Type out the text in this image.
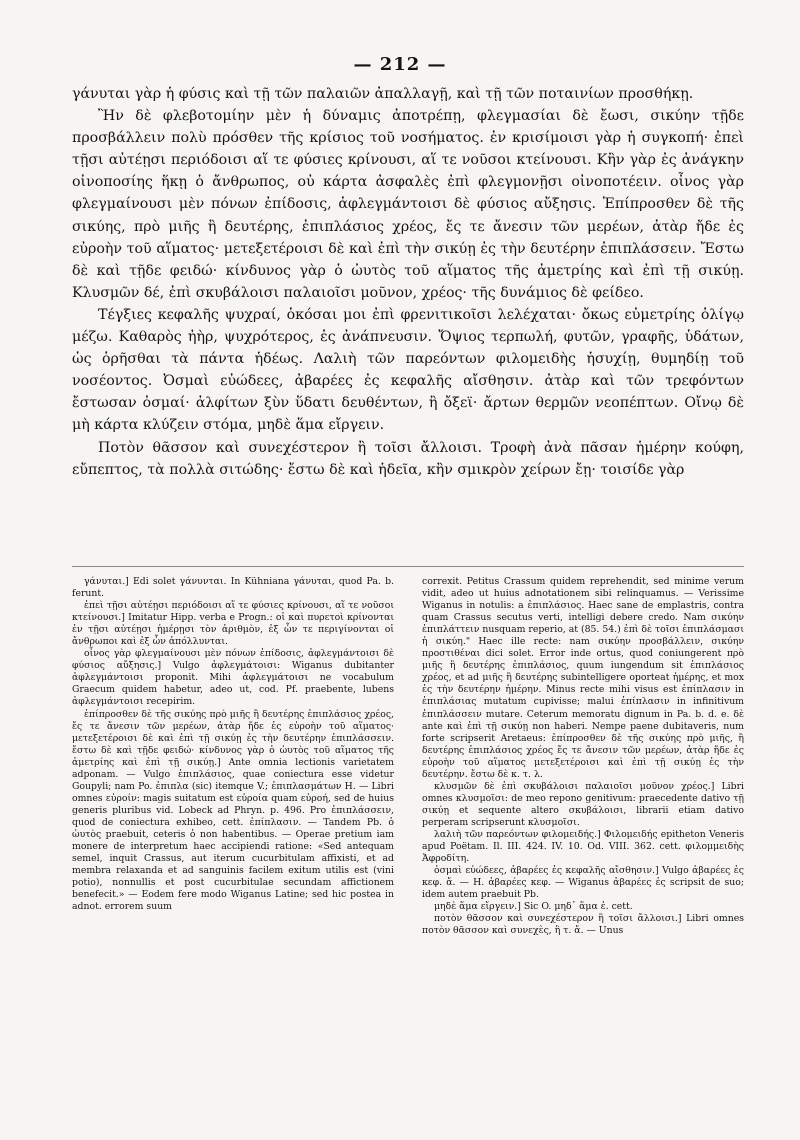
— 212 —

γάνυται γὰρ ἡ φύσις καὶ τῇ τῶν παλαιῶν ἀπαλλαγῇ, καὶ τῇ τῶν ποταινίων προσθήκῃ.

Ἢν δὲ φλεβοτομίην μὲν ἡ δύναμις ἀποτρέπῃ, φλεγμασίαι δὲ ἔωσι, σικύην τῇδε προσβάλλειν πολὺ πρόσθεν τῆς κρίσιος τοῦ νοσήματος. ἐν κρισίμοισι γὰρ ἡ συγκοπή· ἐπεὶ τῇσι αὐτέῃσι περιόδοισι αἵ τε φύσιες κρίνουσι, αἵ τε νοῦσοι κτείνουσι. Κἢν γὰρ ἐς ἀνάγκην οἰνοποσίης ἥκῃ ὁ ἄνθρωπος, οὐ κάρτα ἀσφαλὲς ἐπὶ φλεγμονῇσι οἰνοποτέειν. οἶνος γὰρ φλεγμαίνουσι μὲν πόνων ἐπίδοσις, ἀφλεγμάντοισι δὲ φύσιος αὔξησις. Ἐπίπροσθεν δὲ τῆς σικύης, πρὸ μιῆς ἢ δευτέρης, ἐπιπλάσιος χρέος, ἔς τε ἄνεσιν τῶν μερέων, ἀτὰρ ἤδε ἐς εὐροὴν τοῦ αἵματος· μετεξετέροισι δὲ καὶ ἐπὶ τὴν σικύῃ ἐς τὴν δευτέρην ἐπιπλάσσειν. Ἔστω δὲ καὶ τῇδε φειδώ· κίνδυνος γὰρ ὁ ὠυτὸς τοῦ αἵματος τῆς ἀμετρίης καὶ ἐπὶ τῇ σικύῃ. Κλυσμῶν δέ, ἐπὶ σκυβάλοισι παλαιοῖσι μοῦνον, χρέος· τῆς δυνάμιος δὲ φείδεο.

Τέγξιες κεφαλῆς ψυχραί, ὁκόσαι μοι ἐπὶ φρενιτικοῖσι λελέχαται· ὄκως εὐμετρίης ὀλίγῳ μέζω. Καθαρὸς ἠὴρ, ψυχρότερος, ἐς ἀνάπνευσιν. Ὄψιος τερπωλή, φυτῶν, γραφῆς, ὑδάτων, ὡς ὁρῆσθαι τὰ πάντα ἡδέως. Λαλιὴ τῶν παρεόντων φιλομειδὴς ἡσυχίῃ, θυμηδίῃ τοῦ νοσέοντος. Ὀσμαὶ εὐώδεες, ἀβαρέες ἐς κεφαλῆς αἴσθησιν. ἀτὰρ καὶ τῶν τρεφόντων ἔστωσαν ὀσμαί· ἀλφίτων ξὺν ὕδατι δευθέντων, ἢ ὄξεϊ· ἄρτων θερμῶν νεοπέπτων. Οἴνῳ δὲ μὴ κάρτα κλύζειν στόμα, μηδὲ ἅμα εἴργειν.

Ποτὸν θᾶσσον καὶ συνεχέστερον ἢ τοῖσι ἄλλοισι. Τροφὴ ἀνὰ πᾶσαν ἡμέρην κούφη, εὔπεπτος, τὰ πολλὰ σιτώδης· ἔστω δὲ καὶ ἡδεῖα, κἢν σμικρὸν χείρων ἔῃ· τοισίδε γὰρ

γάνυται.] Edi solet γάνυνται. In Kühniana γάνυται, quod Pa. b. ferunt.

ἐπεὶ τῇσι αὐτέῃσι περιόδοισι αἵ τε φύσιες κρίνουσι, αἵ τε νοῦσοι κτείνουσι.] Imitatur Hipp. verba e Progn.: οἱ καὶ πυρετοὶ κρίνονται ἐν τῇσι αὐτέῃσι ἡμέρῃσι τὸν ἀριθμὸν, ἐξ ὧν τε περιγίνονται οἱ ἄνθρωποι καὶ ἐξ ὧν ἀπόλλυνται.

οἶνος γὰρ φλεγμαίνουσι μὲν πόνων ἐπίδοσις, ἀφλεγμάντοισι δὲ φύσιος αὔξησις.] Vulgo ἀφλεγμάτοισι: Wiganus dubitanter ἀφλεγμάντοισι proponit. Mihi ἀφλεγμάτοισι ne vocabulum Graecum quidem habetur, adeo ut, cod. Pf. praebente, lubens ἀφλεγμάντοισι recepirim.

ἐπίπροσθεν δὲ τῆς σικύης πρὸ μιῆς ἢ δευτέρης ἐπιπλάσιος χρέος, ἔς τε ἄνεσιν τῶν μερέων, ἀτὰρ ἤδε ἐς εὐροὴν τοῦ αἵματος· μετεξετέροισι δὲ καὶ ἐπὶ τῇ σικύῃ ἐς τὴν δευτέρην ἐπιπλάσσειν. ἔστω δὲ καὶ τῇδε φειδώ· κίνδυνος γὰρ ὁ ὠυτὸς τοῦ αἵματος τῆς ἀμετρίης καὶ ἐπὶ τῇ σικύῃ.] Ante omnia lectionis varietatem adponam. — Vulgo ἐπιπλάσιος, quae coniectura esse videtur Goupyli; nam Po. ἐπιπλα (sic) itemque V.; ἐπιπλασμάτων H. — Libri omnes εὐροίν: magis suitatum est εὐροία quam εὐροή, sed de huius generis pluribus vid. Lobeck ad Phryn. p. 496. Pro ἐπιπλάσσειν, quod de coniectura exhibeo, cett. ἐπίπλασιν. — Tandem Pb. ὁ ὠυτὸς praebuit, ceteris ὁ non habentibus. — Operae pretium iam monere de interpretum haec accipiendi ratione: «Sed antequam semel, inquit Crassus, aut iterum cucurbitulam affixisti, et ad membra relaxanda et ad sanguinis facilem exitum utilis est (vini potio), nonnullis et post cucurbitulae secundam affictionem benefecit.» — Eodem fere modo Wiganus Latine; sed hic postea in adnot. errorem suum

correxit. Petitus Crassum quidem reprehendit, sed minime verum vidit, adeo ut huius adnotationem sibi relinquamus. — Verissime Wiganus in notulis: a ἐπιπλάσιος. Haec sane de emplastris, contra quam Crassus secutus verti, intelligi debere credo. Nam σικύην ἐπιπλάττειν nusquam reperio, at (85. 54.) ἐπὶ δὲ τοῖσι ἐπιπλάσμασι ἡ σικύη." Haec ille recte: nam σικύην προσβάλλειν, σικύην προστιθέναι dici solet. Error inde ortus, quod coniungerent πρὸ μιῆς ἢ δευτέρης ἐπιπλάσιος, quum iungendum sit ἐπιπλάσιος χρέος, et ad μιῆς ἢ δευτέρης subintelligere oporteat ἡμέρης, et mox ἐς τὴν δευτέρην ἡμέρην. Minus recte mihi visus est ἐπίπλασιν in ἐπιπλάσιας mutatum cupivisse; malui ἐπίπλασιν in infinitivum ἐπιπλάσσειν mutare. Ceterum memoratu dignum in Pa. b. d. e. δὲ ante καὶ ἐπὶ τῇ σικύῃ non haberi. Nempe paene dubitaveris, num forte scripserit Aretaeus: ἐπίπροσθεν δὲ τῆς σικύης πρὸ μιῆς, ἢ δευτέρης ἐπιπλάσιος χρέος ἔς τε ἄνεσιν τῶν μερέων, ἀτὰρ ἤδε ἐς εὐροὴν τοῦ αἵματος μετεξετέροισι καὶ ἐπὶ τῇ σικύῃ ἐς τὴν δευτέρην. ἔστω δὲ κ. τ. λ.

κλυσμῶν δὲ ἐπὶ σκυβάλοισι παλαιοῖσι μοῦνον χρέος.] Libri omnes κλυσμοῖσι: de meo repono genitivum: praecedente dativo τῇ σικύῃ et sequente altero σκυβάλοισι, librarii etiam dativo perperam scripserunt κλυσμοῖσι.

λαλιὴ τῶν παρεόντων φιλομειδής.] Φιλομειδής epitheton Veneris apud Poëtam. Il. III. 424. IV. 10. Od. VIII. 362. cett. φιλομμειδὴς Ἀφροδίτη.

ὀσμαὶ εὐώδεες, ἀβαρέες ἐς κεφαλῆς αἴσθησιν.] Vulgo ἀβαρέες ἐς κεφ. ἄ. — H. ἀβαρέες κεφ. — Wiganus ἀβαρέες ἐς scripsit de suo; idem autem praebuit Pb.

μηδὲ ἅμα εἴργειν.] Sic O. μηδ᾽ ἅμα ἐ. cett.

ποτὸν θᾶσσον καὶ συνεχέστερον ἢ τοῖσι ἄλλοισι.] Libri omnes ποτὸν θᾶσσον καὶ συνεχὲς, ἢ τ. ἄ. — Unus
